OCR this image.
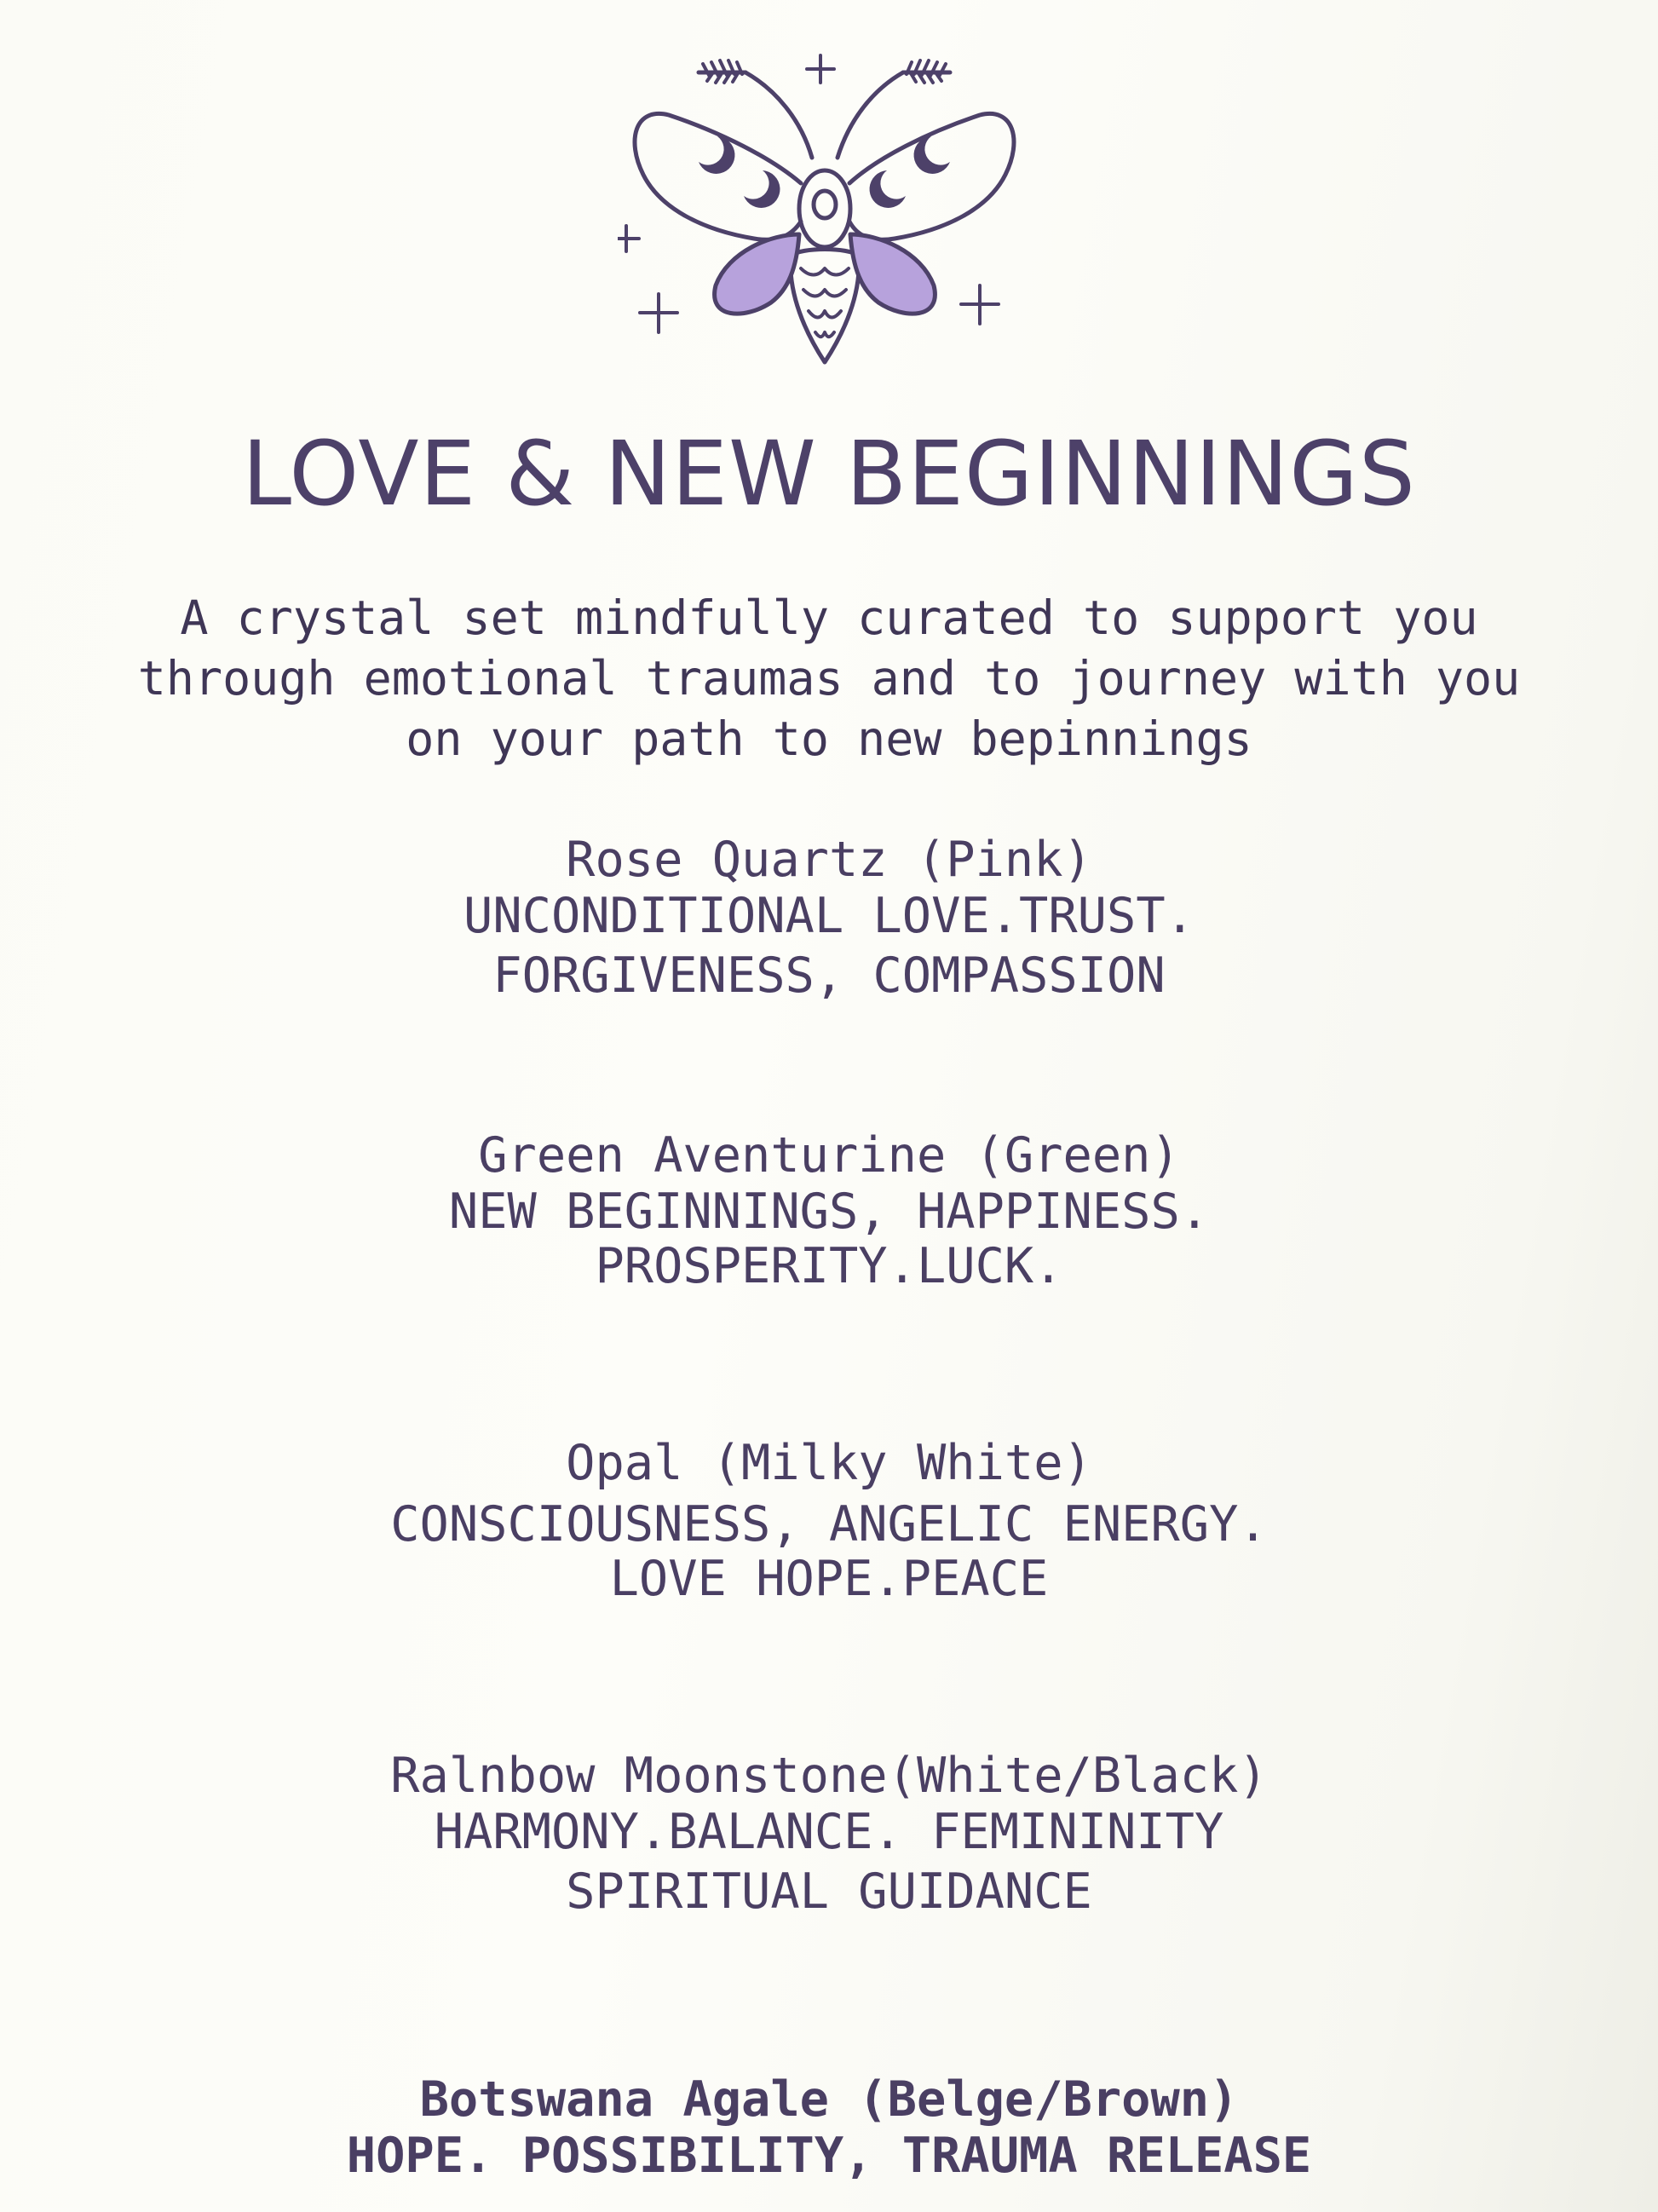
LOVE & NEW BEGINNINGS
A crystal set mindfully curated to support you
through emotional traumas and to journey with you
on your path to new bepinnings
Rose Quartz (Pink)
UNCONDITIONAL LOVE.TRUST.
FORGIVENESS, COMPASSION
Green Aventurine (Green)
NEW BEGINNINGS, HAPPINESS.
PROSPERITY.LUCK.
Opal (Milky White)
CONSCIOUSNESS, ANGELIC ENERGY.
LOVE HOPE.PEACE
Ralnbow Moonstone(White/Black)
HARMONY.BALANCE. FEMININITY
SPIRITUAL GUIDANCE
Botswana Agale (Belge/Brown)
HOPE. POSSIBILITY, TRAUMA RELEASE
